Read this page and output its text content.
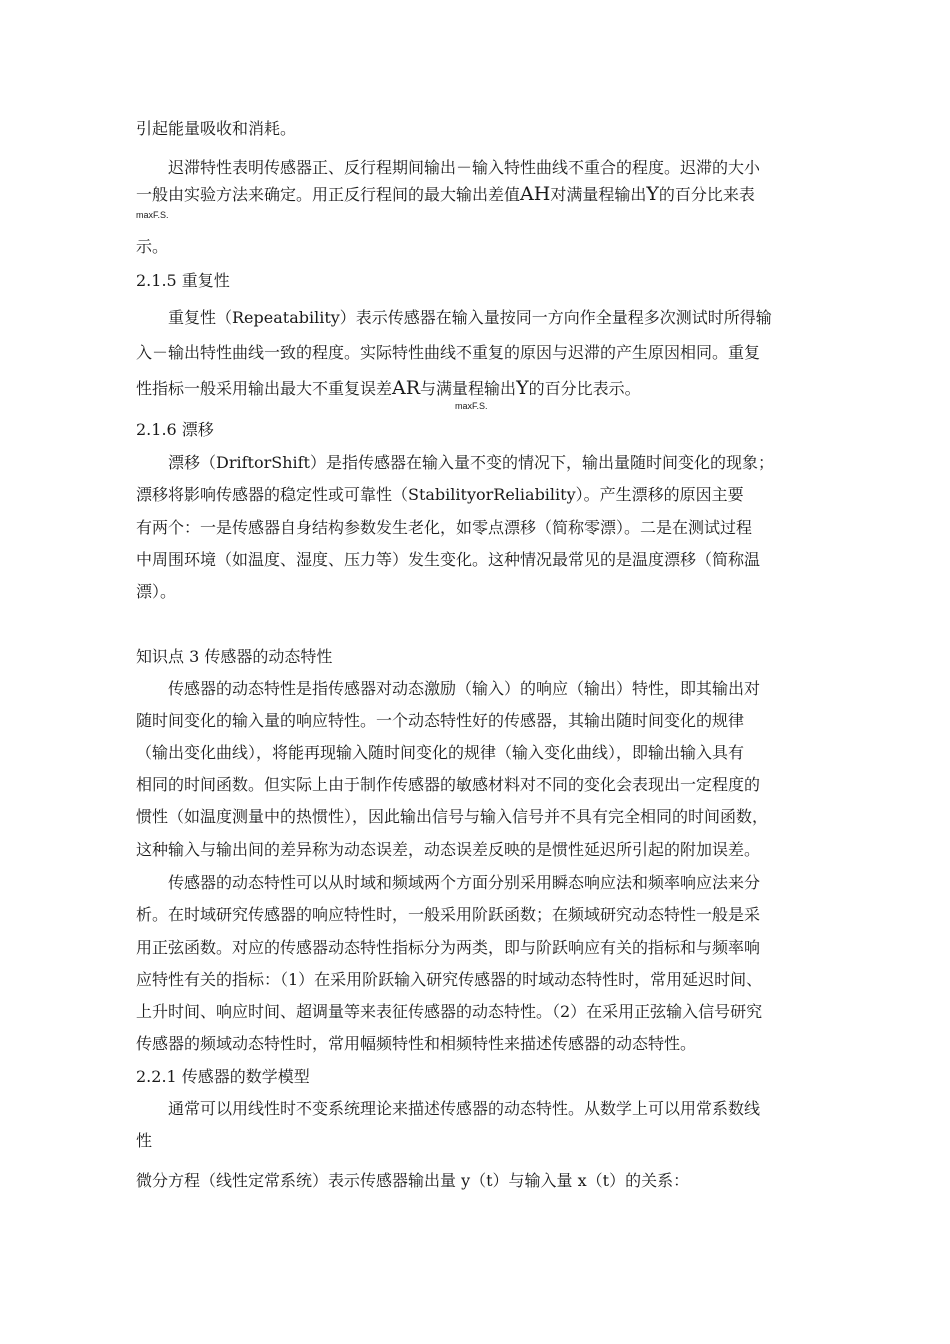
引起能量吸收和消耗。
迟滞特性表明传感器正、反行程期间输出－输入特性曲线不重合的程度。迟滞的大小
一般由实验方法来确定。用正反行程间的最大输出差值AH对满量程输出Y的百分比来表
maxF.S.
示。
2.1.5 重复性
重复性（Repeatability）表示传感器在输入量按同一方向作全量程多次测试时所得输
入－输出特性曲线一致的程度。实际特性曲线不重复的原因与迟滞的产生原因相同。重复
性指标一般采用输出最大不重复误差AR与满量程输出Y的百分比表示。
maxF.S.
2.1.6 漂移
漂移（DriftorShift）是指传感器在输入量不变的情况下，输出量随时间变化的现象；
漂移将影响传感器的稳定性或可靠性（StabilityorReliability）。产生漂移的原因主要
有两个：一是传感器自身结构参数发生老化，如零点漂移（简称零漂）。二是在测试过程
中周围环境（如温度、湿度、压力等）发生变化。这种情况最常见的是温度漂移（简称温
漂）。
知识点 3 传感器的动态特性
传感器的动态特性是指传感器对动态激励（输入）的响应（输出）特性，即其输出对
随时间变化的输入量的响应特性。一个动态特性好的传感器，其输出随时间变化的规律
（输出变化曲线），将能再现输入随时间变化的规律（输入变化曲线），即输出输入具有
相同的时间函数。但实际上由于制作传感器的敏感材料对不同的变化会表现出一定程度的
惯性（如温度测量中的热惯性），因此输出信号与输入信号并不具有完全相同的时间函数，
这种输入与输出间的差异称为动态误差，动态误差反映的是惯性延迟所引起的附加误差。
传感器的动态特性可以从时域和频域两个方面分别采用瞬态响应法和频率响应法来分
析。在时域研究传感器的响应特性时，一般采用阶跃函数；在频域研究动态特性一般是采
用正弦函数。对应的传感器动态特性指标分为两类，即与阶跃响应有关的指标和与频率响
应特性有关的指标：（1）在采用阶跃输入研究传感器的时域动态特性时，常用延迟时间、
上升时间、响应时间、超调量等来表征传感器的动态特性。（2）在采用正弦输入信号研究
传感器的频域动态特性时，常用幅频特性和相频特性来描述传感器的动态特性。
2.2.1 传感器的数学模型
通常可以用线性时不变系统理论来描述传感器的动态特性。从数学上可以用常系数线
性
微分方程（线性定常系统）表示传感器输出量 y（t）与输入量 x（t）的关系：
